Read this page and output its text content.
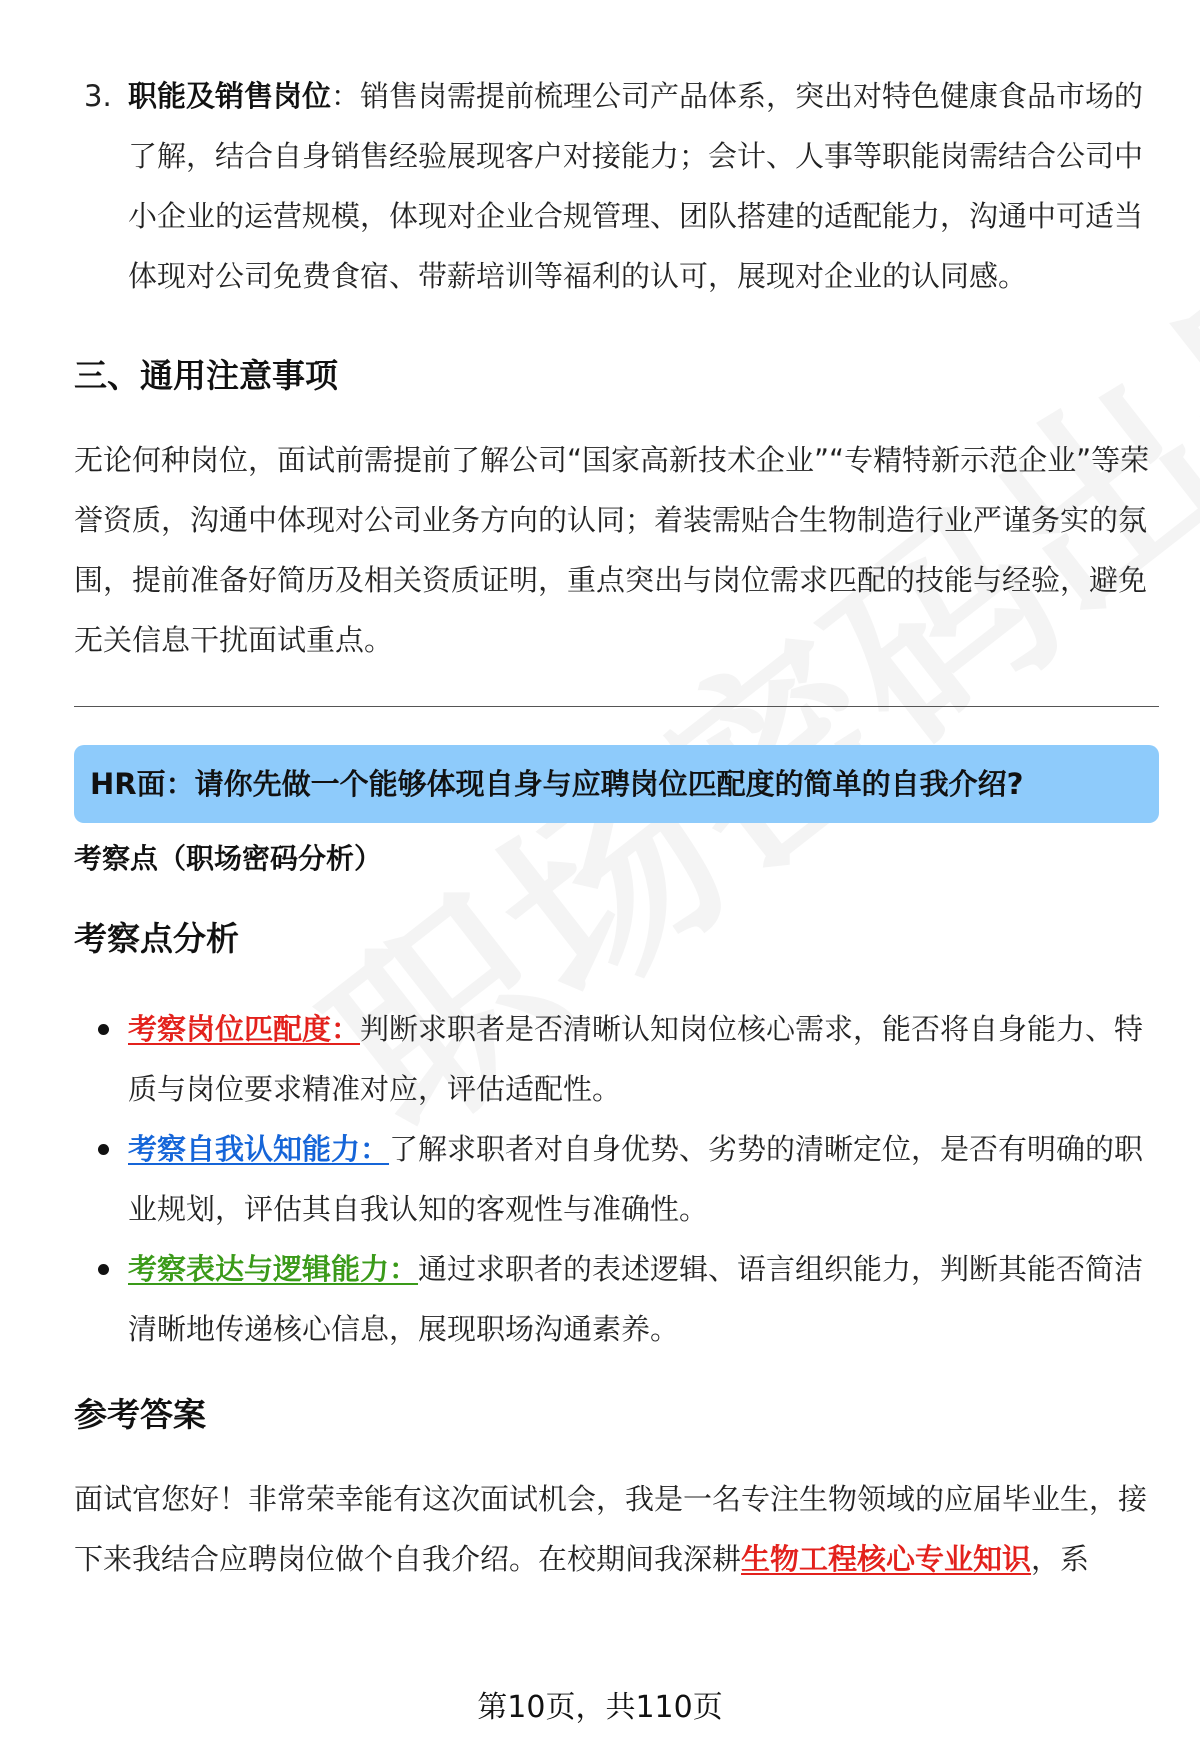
3. 职能及销售岗位：销售岗需提前梳理公司产品体系，突出对特色健康食品市场的了解，结合自身销售经验展现客户对接能力；会计、人事等职能岗需结合公司中小企业的运营规模，体现对企业合规管理、团队搭建的适配能力，沟通中可适当体现对公司免费食宿、带薪培训等福利的认可，展现对企业的认同感。
三、通用注意事项
无论何种岗位，面试前需提前了解公司“国家高新技术企业”“专精特新示范企业”等荣誉资质，沟通中体现对公司业务方向的认同；着装需贴合生物制造行业严谨务实的氛围，提前准备好简历及相关资质证明，重点突出与岗位需求匹配的技能与经验，避免无关信息干扰面试重点。
HR面：请你先做一个能够体现自身与应聘岗位匹配度的简单的自我介绍?
考察点（职场密码分析）
考察点分析
考察岗位匹配度：判断求职者是否清晰认知岗位核心需求，能否将自身能力、特质与岗位要求精准对应，评估适配性。
考察自我认知能力：了解求职者对自身优势、劣势的清晰定位，是否有明确的职业规划，评估其自我认知的客观性与准确性。
考察表达与逻辑能力：通过求职者的表述逻辑、语言组织能力，判断其能否简洁清晰地传递核心信息，展现职场沟通素养。
参考答案
面试官您好！非常荣幸能有这次面试机会，我是一名专注生物领域的应届毕业生，接下来我结合应聘岗位做个自我介绍。在校期间我深耕生物工程核心专业知识，系
第10页，共110页
